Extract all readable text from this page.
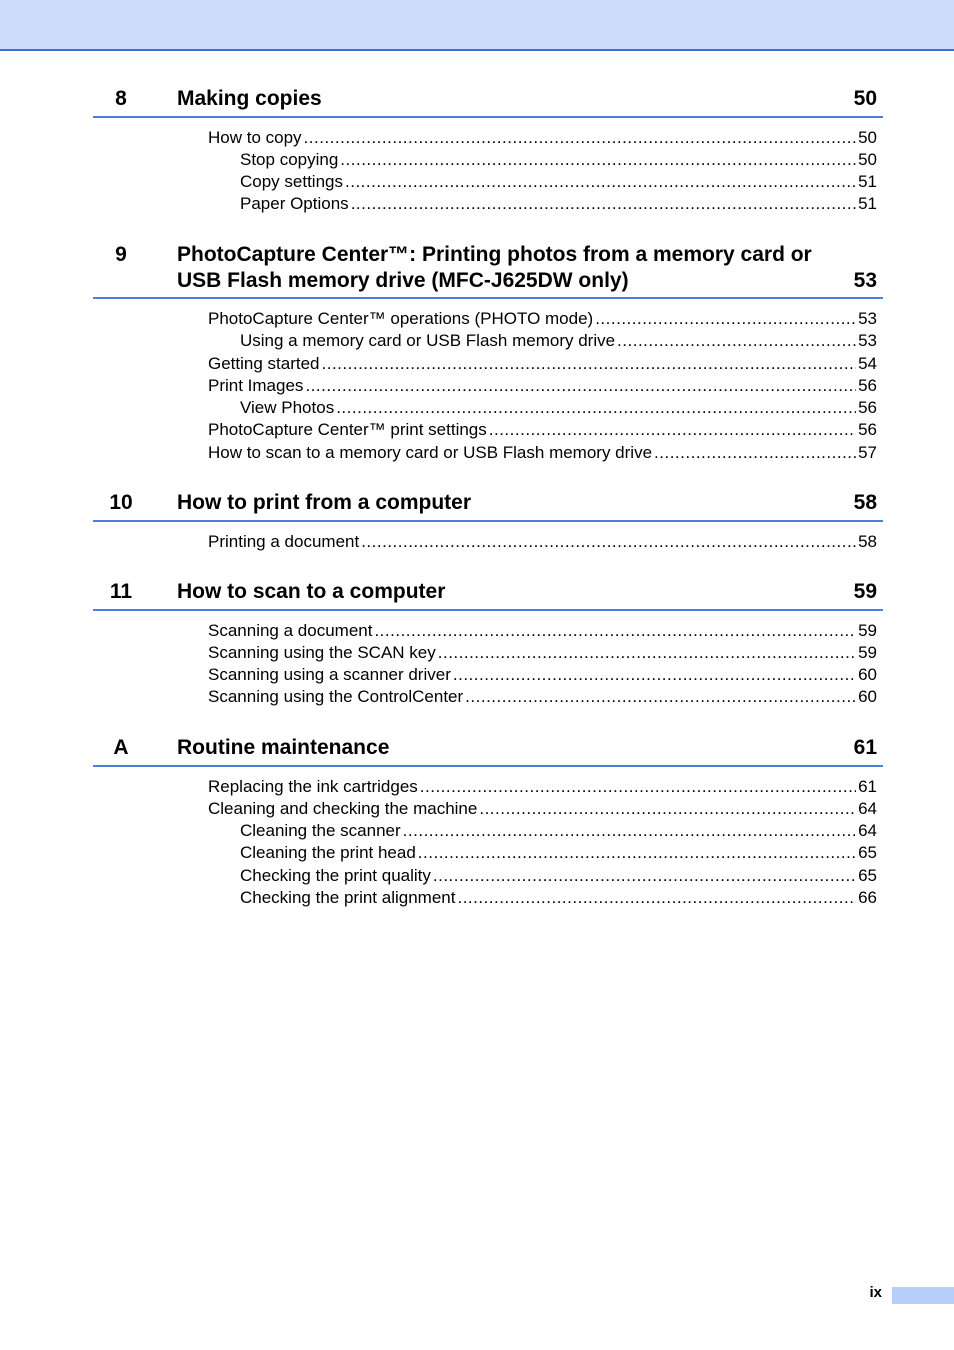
8	Making copies	50
How to copy .....	50
Stop copying .....	50
Copy settings .....	51
Paper Options .....	51
9	PhotoCapture Center™: Printing photos from a memory card or USB Flash memory drive (MFC-J625DW only)	53
PhotoCapture Center™ operations (PHOTO mode) .....	53
Using a memory card or USB Flash memory drive .....	53
Getting started .....	54
Print Images .....	56
View Photos .....	56
PhotoCapture Center™ print settings .....	56
How to scan to a memory card or USB Flash memory drive .....	57
10	How to print from a computer	58
Printing a document .....	58
11	How to scan to a computer	59
Scanning a document .....	59
Scanning using the SCAN key .....	59
Scanning using a scanner driver .....	60
Scanning using the ControlCenter .....	60
A	Routine maintenance	61
Replacing the ink cartridges .....	61
Cleaning and checking the machine .....	64
Cleaning the scanner .....	64
Cleaning the print head .....	65
Checking the print quality .....	65
Checking the print alignment .....	66
ix
